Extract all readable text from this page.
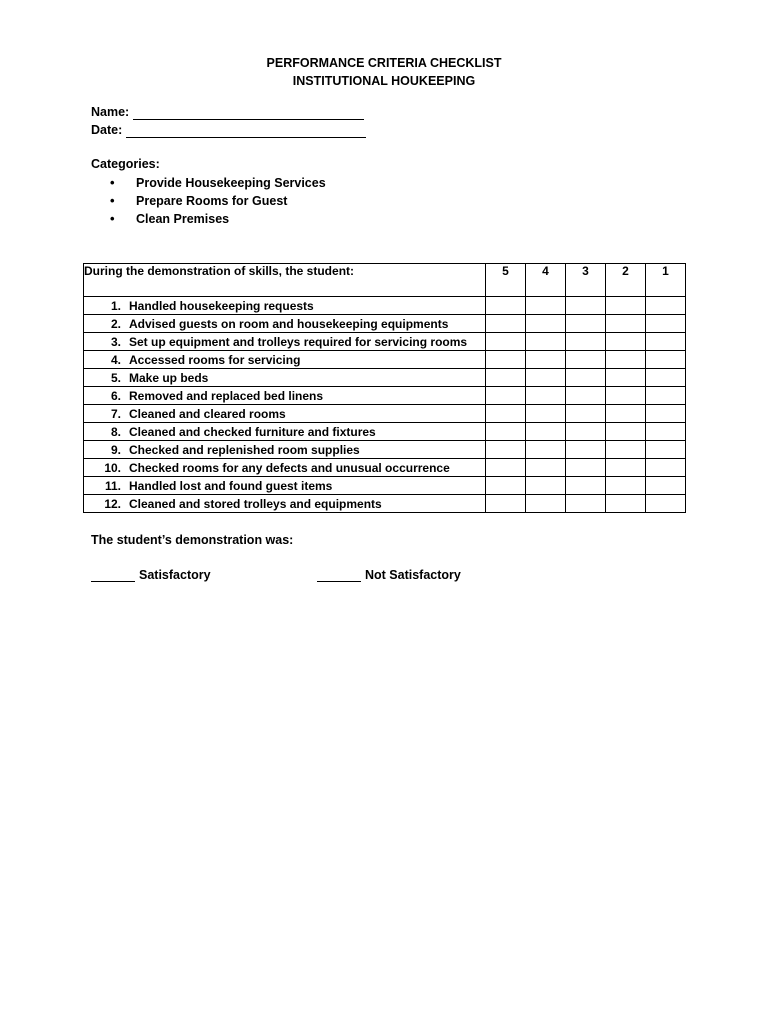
PERFORMANCE CRITERIA CHECKLIST
INSTITUTIONAL HOUKEEPING
Name:
Date:
Categories:
•	Provide Housekeeping Services
•	Prepare Rooms for Guest
•	Clean Premises
During the demonstration of skills, the student:	5	4	3	2	1
1. Handled housekeeping requests					
2. Advised guests on room and housekeeping equipments					
3. Set up equipment and trolleys required for servicing rooms					
4. Accessed rooms for servicing					
5. Make up beds					
6. Removed and replaced bed linens					
7. Cleaned and cleared rooms					
8. Cleaned and checked furniture and fixtures					
9. Checked and replenished room supplies					
10. Checked rooms for any defects and unusual occurrence					
11. Handled lost and found guest items					
12. Cleaned and stored trolleys and equipments					
The student’s demonstration was:
Satisfactory	Not Satisfactory
